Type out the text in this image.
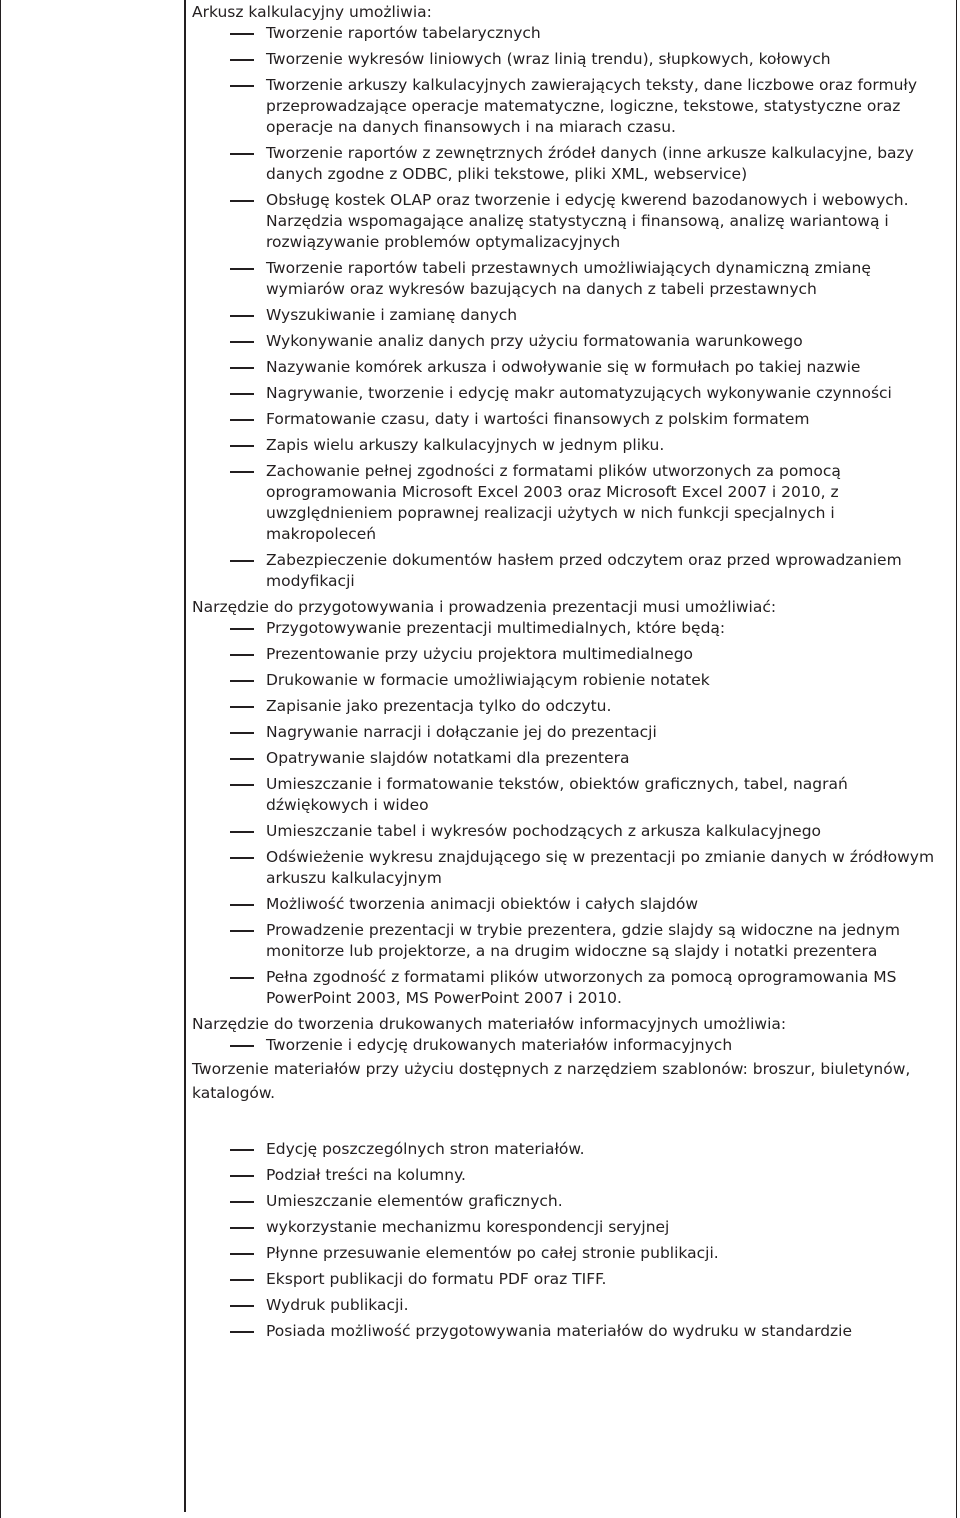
Arkusz kalkulacyjny umożliwia:

Tworzenie raportów tabelarycznych
Tworzenie wykresów liniowych (wraz linią trendu), słupkowych, kołowych
Tworzenie arkuszy kalkulacyjnych zawierających teksty, dane liczbowe oraz formuły przeprowadzające operacje matematyczne, logiczne, tekstowe, statystyczne oraz operacje na danych finansowych i na miarach czasu.
Tworzenie raportów z zewnętrznych źródeł danych (inne arkusze kalkulacyjne, bazy danych zgodne z ODBC, pliki tekstowe, pliki XML, webservice)
Obsługę kostek OLAP oraz tworzenie i edycję kwerend bazodanowych i webowych. Narzędzia wspomagające analizę statystyczną i finansową, analizę wariantową i rozwiązywanie problemów optymalizacyjnych
Tworzenie raportów tabeli przestawnych umożliwiających dynamiczną zmianę wymiarów oraz wykresów bazujących na danych z tabeli przestawnych
Wyszukiwanie i zamianę danych
Wykonywanie analiz danych przy użyciu formatowania warunkowego
Nazywanie komórek arkusza i odwoływanie się w formułach po takiej nazwie
Nagrywanie, tworzenie i edycję makr automatyzujących wykonywanie czynności
Formatowanie czasu, daty i wartości finansowych z polskim formatem
Zapis wielu arkuszy kalkulacyjnych w jednym pliku.
Zachowanie pełnej zgodności z formatami plików utworzonych za pomocą oprogramowania Microsoft Excel 2003 oraz Microsoft Excel 2007 i 2010, z uwzględnieniem poprawnej realizacji użytych w nich funkcji specjalnych i makropoleceń
Zabezpieczenie dokumentów hasłem przed odczytem oraz przed wprowadzaniem modyfikacji

Narzędzie do przygotowywania i prowadzenia prezentacji musi umożliwiać:

Przygotowywanie prezentacji multimedialnych, które będą:
Prezentowanie przy użyciu projektora multimedialnego
Drukowanie w formacie umożliwiającym robienie notatek
Zapisanie jako prezentacja tylko do odczytu.
Nagrywanie narracji i dołączanie jej do prezentacji
Opatrywanie slajdów notatkami dla prezentera
Umieszczanie i formatowanie tekstów, obiektów graficznych, tabel, nagrań dźwiękowych i wideo
Umieszczanie tabel i wykresów pochodzących z arkusza kalkulacyjnego
Odświeżenie wykresu znajdującego się w prezentacji po zmianie danych w źródłowym arkuszu kalkulacyjnym
Możliwość tworzenia animacji obiektów i całych slajdów
Prowadzenie prezentacji w trybie prezentera, gdzie slajdy są widoczne na jednym monitorze lub projektorze, a na drugim widoczne są slajdy i notatki prezentera
Pełna zgodność z formatami plików utworzonych za pomocą oprogramowania MS PowerPoint 2003, MS PowerPoint 2007 i 2010.

Narzędzie do tworzenia drukowanych materiałów informacyjnych umożliwia:

Tworzenie i edycję drukowanych materiałów informacyjnych

Tworzenie materiałów przy użyciu dostępnych z narzędziem szablonów: broszur, biuletynów, katalogów.

Edycję poszczególnych stron materiałów.
Podział treści na kolumny.
Umieszczanie elementów graficznych.
wykorzystanie mechanizmu korespondencji seryjnej
Płynne przesuwanie elementów po całej stronie publikacji.
Eksport publikacji do formatu PDF oraz TIFF.
Wydruk publikacji.
Posiada możliwość przygotowywania materiałów do wydruku w standardzie
